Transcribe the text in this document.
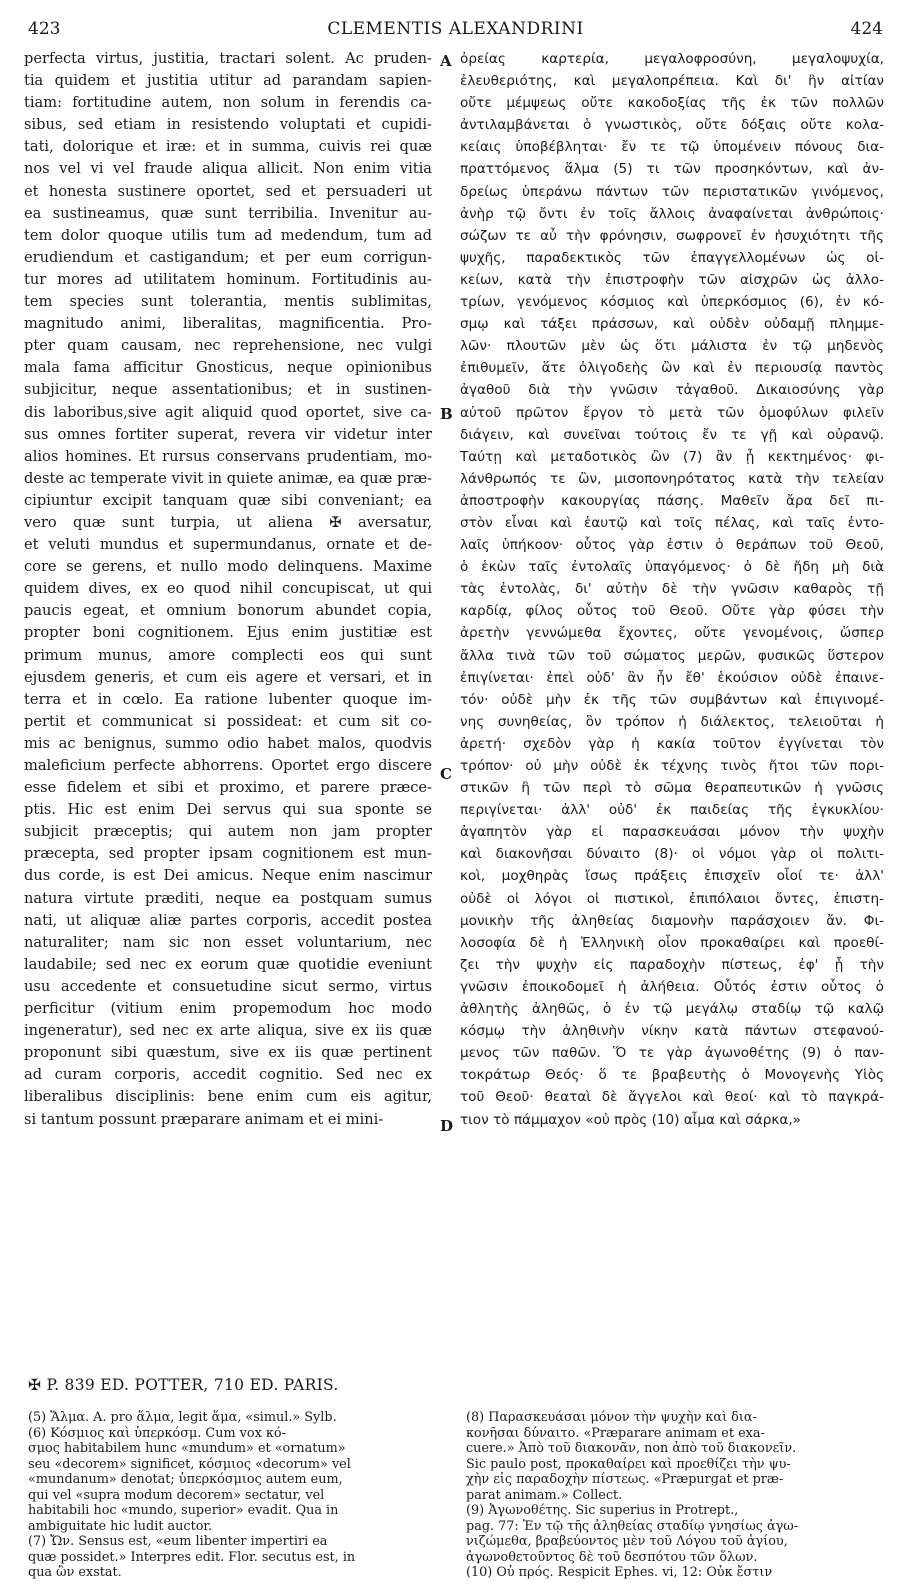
423	CLEMENTIS ALEXANDRINI	424
perfecta virtus, justitia, tractari solent. Ac pruden-
tia quidem et justitia utitur ad parandam sapien-
tiam: fortitudine autem, non solum in ferendis ca-
sibus, sed etiam in resistendo voluptati et cupidi-
tati, dolorique et iræ: et in summa, cuivis rei quæ
nos vel vi vel fraude aliqua allicit. Non enim vitia
et honesta sustinere oportet, sed et persuaderi ut
ea sustineamus, quæ sunt terribilia. Invenitur au-
tem dolor quoque utilis tum ad medendum, tum ad
erudiendum et castigandum; et per eum corrigun-
tur mores ad utilitatem hominum. Fortitudinis au-
tem species sunt tolerantia, mentis sublimitas,
magnitudo animi, liberalitas, magnificentia. Pro-
pter quam causam, nec reprehensione, nec vulgi
mala fama afficitur Gnosticus, neque opinionibus
subjicitur, neque assentationibus; et in sustinen-
dis laboribus,sive agit aliquid quod oportet, sive ca-
sus omnes fortiter superat, revera vir videtur inter
alios homines. Et rursus conservans prudentiam, mo-
deste ac temperate vivit in quiete animæ, ea quæ præ-
cipiuntur excipit tanquam quæ sibi conveniant; ea
vero quæ sunt turpia, ut aliena ✠ aversatur,
et veluti mundus et supermundanus, ornate et de-
core se gerens, et nullo modo delinquens. Maxime
quidem dives, ex eo quod nihil concupiscat, ut qui
paucis egeat, et omnium bonorum abundet copia,
propter boni cognitionem. Ejus enim justitiæ est
primum munus, amore complecti eos qui sunt
ejusdem generis, et cum eis agere et versari, et in
terra et in cœlo. Ea ratione lubenter quoque im-
pertit et communicat si possideat: et cum sit co-
mis ac benignus, summo odio habet malos, quodvis
maleficium perfecte abhorrens. Oportet ergo discere
esse fidelem et sibi et proximo, et parere præce-
ptis. Hic est enim Dei servus qui sua sponte se
subjicit præceptis; qui autem non jam propter
præcepta, sed propter ipsam cognitionem est mun-
dus corde, is est Dei amicus. Neque enim nascimur
natura virtute præditi, neque ea postquam sumus
nati, ut aliquæ aliæ partes corporis, accedit postea
naturaliter; nam sic non esset voluntarium, nec
laudabile; sed nec ex eorum quæ quotidie eveniunt
usu accedente et consuetudine sicut sermo, virtus
perficitur (vitium enim propemodum hoc modo
ingeneratur), sed nec ex arte aliqua, sive ex iis quæ
proponunt sibi quæstum, sive ex iis quæ pertinent
ad curam corporis, accedit cognitio. Sed nec ex
liberalibus disciplinis: bene enim cum eis agitur,
si tantum possunt præparare animam et ei mini-
ὀρείας καρτερία, μεγαλοφροσύνη, μεγαλοψυχία,
ἐλευθεριότης, καὶ μεγαλοπρέπεια. Καὶ δι' ἣν αἰτίαν
οὔτε μέμψεως οὔτε κακοδοξίας τῆς ἐκ τῶν πολλῶν
ἀντιλαμβάνεται ὁ γνωστικὸς, οὔτε δόξαις οὔτε κολα-
κείαις ὑποβέβληται· ἔν τε τῷ ὑπομένειν πόνους δια-
πραττόμενος ἅλμα (5) τι τῶν προσηκόντων, καὶ ἀν-
δρείως ὑπεράνω πάντων τῶν περιστατικῶν γινόμενος,
ἀνὴρ τῷ ὄντι ἐν τοῖς ἄλλοις ἀναφαίνεται ἀνθρώποις·
σώζων τε αὖ τὴν φρόνησιν, σωφρονεῖ ἐν ἡσυχιότητι τῆς
ψυχῆς, παραδεκτικὸς τῶν ἐπαγγελλομένων ὡς οἰ-
κείων, κατὰ τὴν ἐπιστροφὴν τῶν αἰσχρῶν ὡς ἀλλο-
τρίων, γενόμενος κόσμιος καὶ ὑπερκόσμιος (6), ἐν κό-
σμῳ καὶ τάξει πράσσων, καὶ οὐδὲν οὐδαμῇ πλημμε-
λῶν· πλουτῶν μὲν ὡς ὅτι μάλιστα ἐν τῷ μηδενὸς
ἐπιθυμεῖν, ἅτε ὀλιγοδεὴς ὢν καὶ ἐν περιουσίᾳ παντὸς
ἀγαθοῦ διὰ τὴν γνῶσιν τἀγαθοῦ. Δικαιοσύνης γὰρ
αὐτοῦ πρῶτον ἔργον τὸ μετὰ τῶν ὁμοφύλων φιλεῖν
διάγειν, καὶ συνεῖναι τούτοις ἔν τε γῇ καὶ οὐρανῷ.
Ταύτῃ καὶ μεταδοτικὸς ὢν (7) ἂν ᾖ κεκτημένος· φι-
λάνθρωπός τε ὢν, μισοπονηρότατος κατὰ τὴν τελείαν
ἀποστροφὴν κακουργίας πάσης. Μαθεῖν ἄρα δεῖ πι-
στὸν εἶναι καὶ ἑαυτῷ καὶ τοῖς πέλας, καὶ ταῖς ἐντο-
λαῖς ὑπήκοον· οὗτος γὰρ ἐστιν ὁ θεράπων τοῦ Θεοῦ,
ὁ ἑκὼν ταῖς ἐντολαῖς ὑπαγόμενος· ὁ δὲ ἤδη μὴ διὰ
τὰς ἐντολὰς, δι' αὐτὴν δὲ τὴν γνῶσιν καθαρὸς τῇ
καρδίᾳ, φίλος οὗτος τοῦ Θεοῦ. Οὔτε γὰρ φύσει τὴν
ἀρετὴν γεννώμεθα ἔχοντες, οὔτε γενομένοις, ὥσπερ
ἄλλα τινὰ τῶν τοῦ σώματος μερῶν, φυσικῶς ὕστερον
ἐπιγίνεται· ἐπεὶ οὐδ' ἂν ἦν ἔθ' ἑκούσιον οὐδὲ ἐπαινε-
τόν· οὐδὲ μὴν ἐκ τῆς τῶν συμβάντων καὶ ἐπιγινομέ-
νης συνηθείας, ὃν τρόπον ἡ διάλεκτος, τελειοῦται ἡ
ἀρετή· σχεδὸν γὰρ ἡ κακία τοῦτον ἐγγίνεται τὸν
τρόπον· οὐ μὴν οὐδὲ ἐκ τέχνης τινὸς ἤτοι τῶν πορι-
στικῶν ἢ τῶν περὶ τὸ σῶμα θεραπευτικῶν ἡ γνῶσις
περιγίνεται· ἀλλ' οὐδ' ἐκ παιδείας τῆς ἐγκυκλίου·
ἀγαπητὸν γὰρ εἰ παρασκευάσαι μόνον τὴν ψυχὴν
καὶ διακονῆσαι δύναιτο (8)· οἱ νόμοι γὰρ οἱ πολιτι-
κοὶ, μοχθηρὰς ἴσως πράξεις ἐπισχεῖν οἷοί τε· ἀλλ'
οὐδὲ οἱ λόγοι οἱ πιστικοὶ, ἐπιπόλαιοι ὄντες, ἐπιστη-
μονικὴν τῆς ἀληθείας διαμονὴν παράσχοιεν ἄν. Φι-
λοσοφία δὲ ἡ Ἑλληνικὴ οἷον προκαθαίρει καὶ προεθί-
ζει τὴν ψυχὴν εἰς παραδοχὴν πίστεως, ἐφ' ᾗ τὴν
γνῶσιν ἐποικοδομεῖ ἡ ἀλήθεια. Οὗτός ἐστιν οὗτος ὁ
ἀθλητὴς ἀληθῶς, ὁ ἐν τῷ μεγάλῳ σταδίῳ τῷ καλῷ
κόσμῳ τὴν ἀληθινὴν νίκην κατὰ πάντων στεφανού-
μενος τῶν παθῶν. Ὅ τε γὰρ ἀγωνοθέτης (9) ὁ παν-
τοκράτωρ Θεός· ὅ τε βραβευτὴς ὁ Μονογενὴς Υἱὸς
τοῦ Θεοῦ· θεαταὶ δὲ ἄγγελοι καὶ θεοί· καὶ τὸ παγκρά-
τιον τὸ πάμμαχον «οὐ πρὸς (10) αἷμα καὶ σάρκα,»
A
B
C
D
✠ P. 839 ED. POTTER, 710 ED. PARIS.
(5) Ἅλμα. A. pro ἅλμα, legit ἅμα, «simul.» Sylb.
(6) Κόσμιος καὶ ὑπερκόσμ. Cum vox κό-
σμος habitabilem hunc «mundum» et «ornatum»
seu «decorem» significet, κόσμιος «decorum» vel
«mundanum» denotat; ὑπερκόσμιος autem eum,
qui vel «supra modum decorem» sectatur, vel
habitabili hoc «mundo, superior» evadit. Qua in
ambiguitate hic ludit auctor.
(7) Ὤν. Sensus est, «eum libenter impertiri ea
quæ possidet.» Interpres edit. Flor. secutus est, in
qua ὢν exstat.
(8) Παρασκευάσαι μόνον τὴν ψυχὴν καὶ δια-
κονῆσαι δύναιτο. «Præparare animam et exa-
cuere.» Ἀπὸ τοῦ διακονᾶν, non ἀπὸ τοῦ διακονεῖν.
Sic paulo post, προκαθαίρει καὶ προεθίζει τὴν ψυ-
χὴν εἰς παραδοχὴν πίστεως. «Præpurgat et præ-
parat animam.» Collect.
(9) Ἀγωνοθέτης. Sic superius in Protrept.,
pag. 77: Ἐν τῷ τῆς ἀληθείας σταδίῳ γνησίως ἀγω-
νιζώμεθα, βραβεύοντος μὲν τοῦ Λόγου τοῦ ἁγίου,
ἀγωνοθετοῦντος δὲ τοῦ δεσπότου τῶν ὅλων.
(10) Οὐ πρός. Respicit Ephes. vi, 12: Οὐκ ἔστιν
